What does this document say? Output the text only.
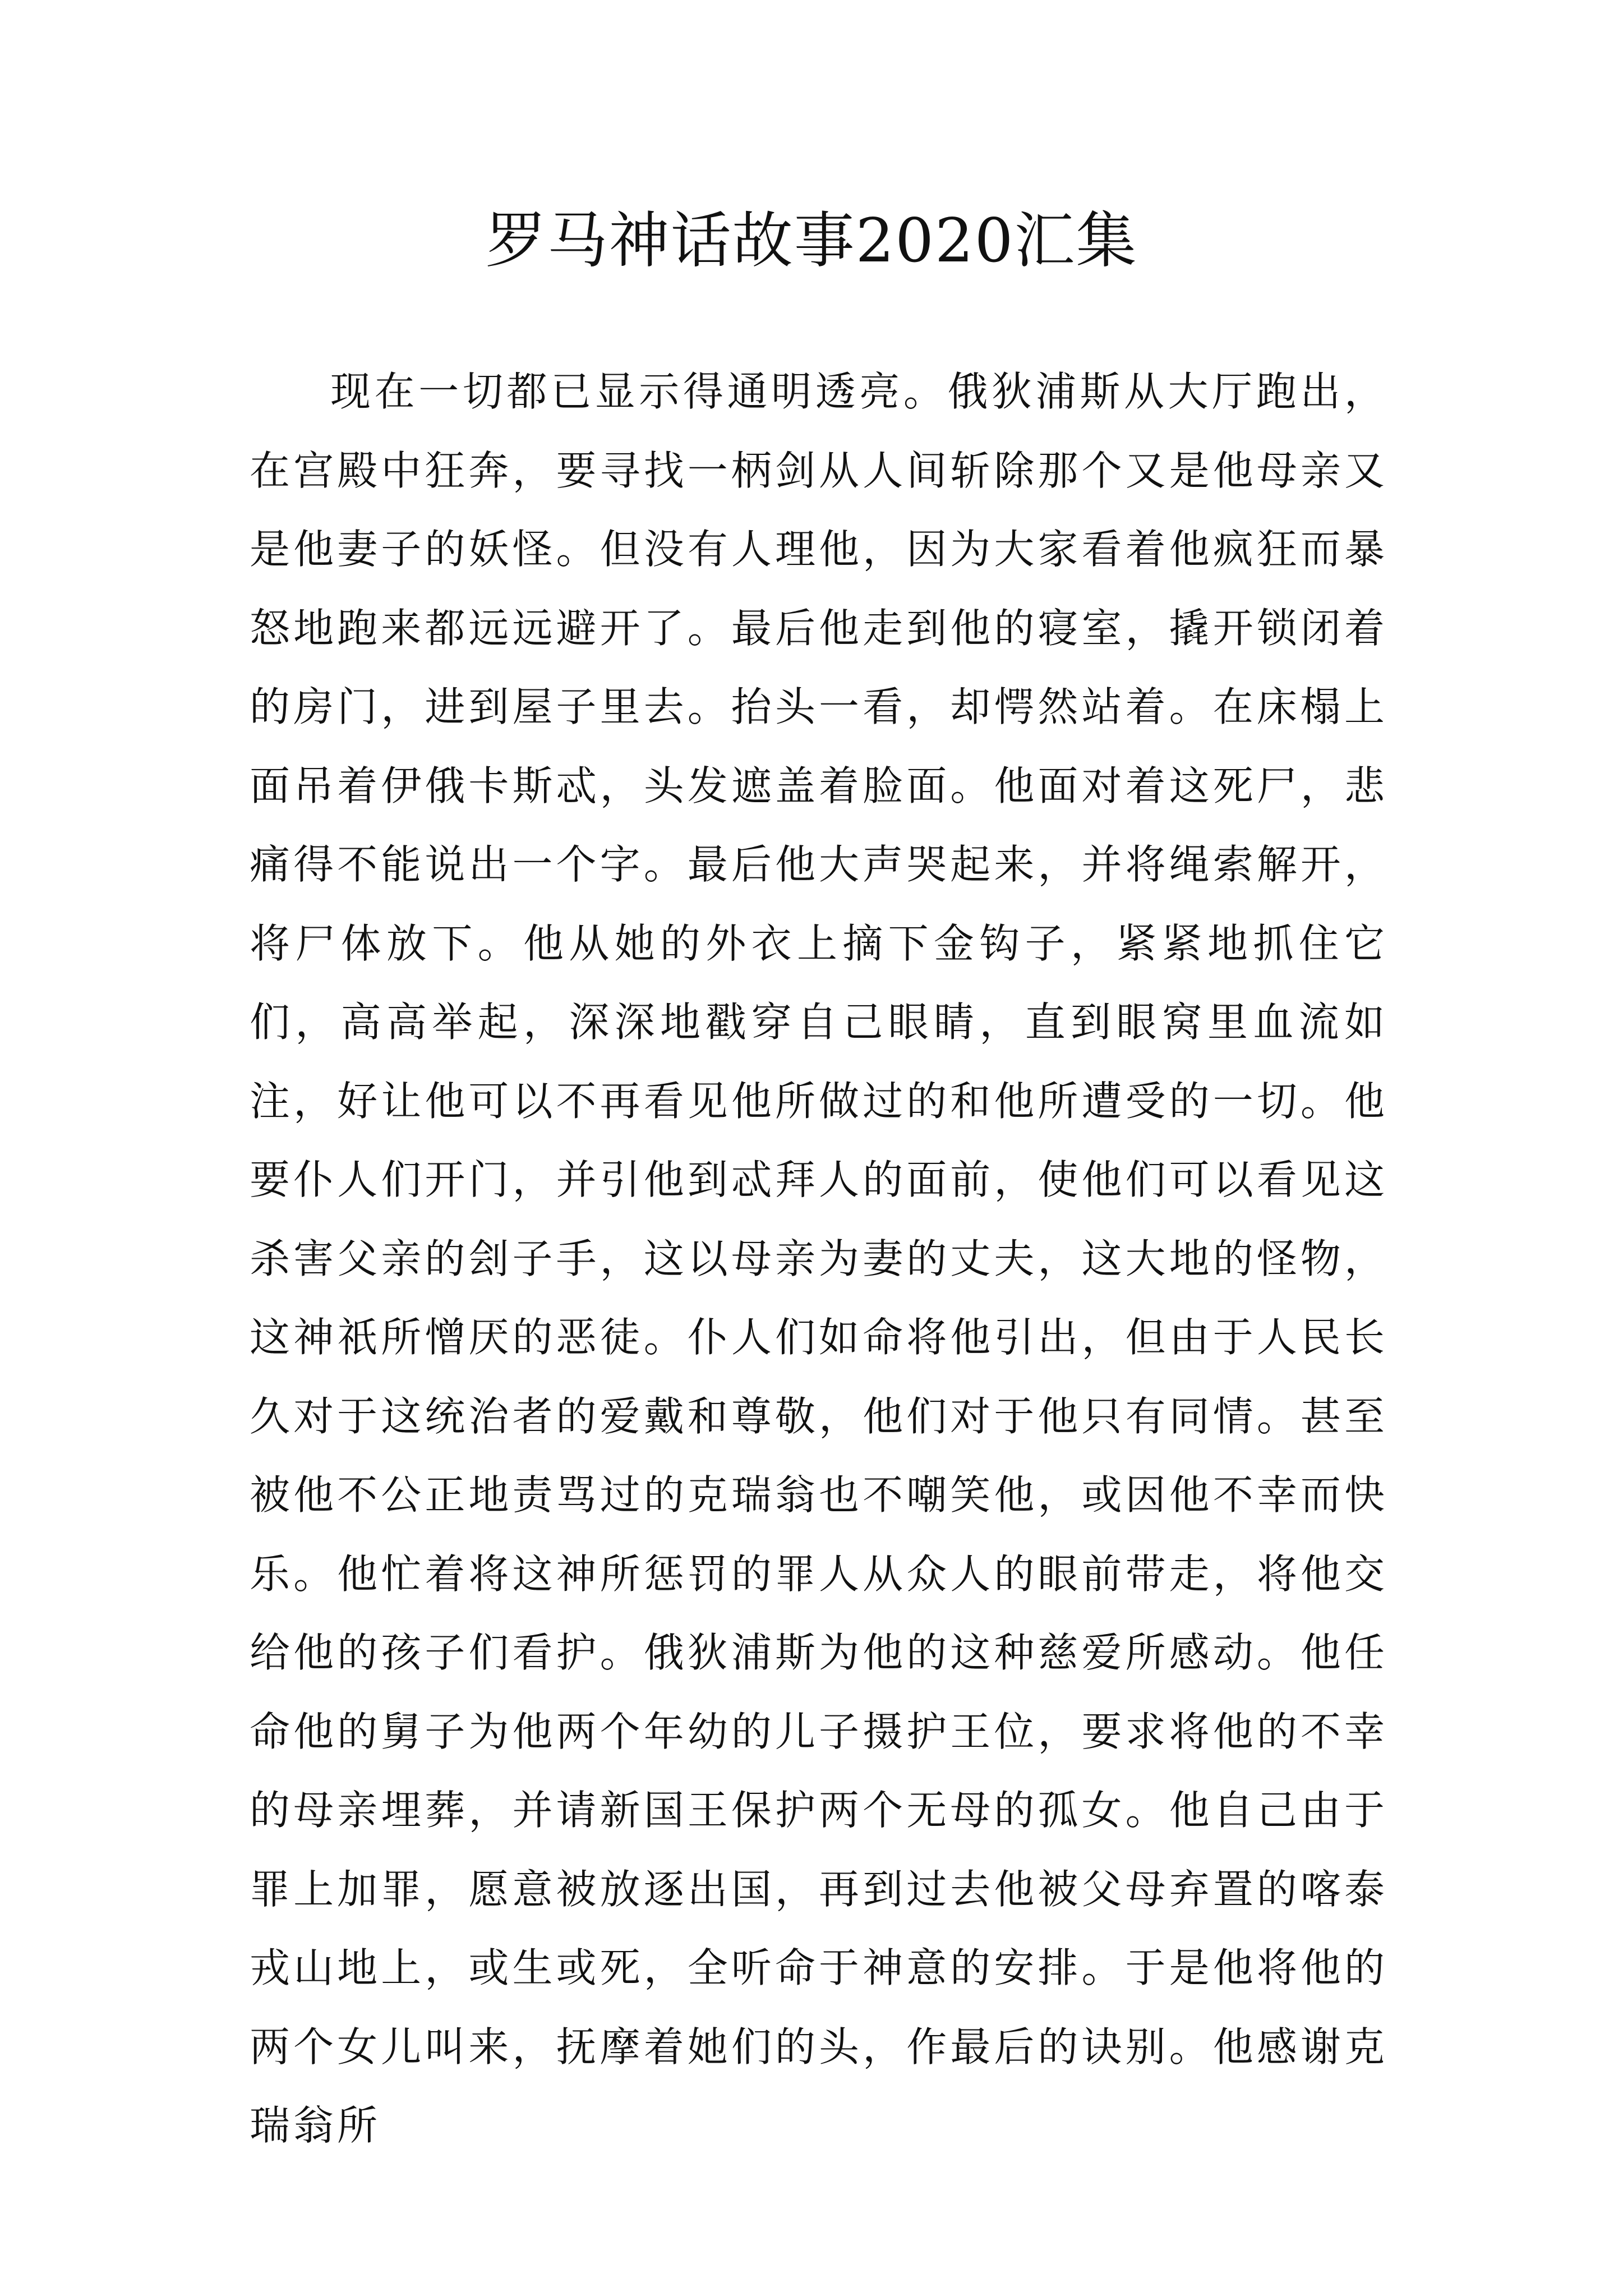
罗马神话故事2020汇集

现在一切都已显示得通明透亮。俄狄浦斯从大厅跑出，在宫殿中狂奔，要寻找一柄剑从人间斩除那个又是他母亲又是他妻子的妖怪。但没有人理他，因为大家看着他疯狂而暴怒地跑来都远远避开了。最后他走到他的寝室，撬开锁闭着的房门，进到屋子里去。抬头一看，却愕然站着。在床榻上面吊着伊俄卡斯忒，头发遮盖着脸面。他面对着这死尸，悲痛得不能说出一个字。最后他大声哭起来，并将绳索解开，将尸体放下。他从她的外衣上摘下金钩子，紧紧地抓住它们，高高举起，深深地戳穿自己眼睛，直到眼窝里血流如注，好让他可以不再看见他所做过的和他所遭受的一切。他要仆人们开门，并引他到忒拜人的面前，使他们可以看见这杀害父亲的刽子手，这以母亲为妻的丈夫，这大地的怪物，这神祇所憎厌的恶徒。仆人们如命将他引出，但由于人民长久对于这统治者的爱戴和尊敬，他们对于他只有同情。甚至被他不公正地责骂过的克瑞翁也不嘲笑他，或因他不幸而快乐。他忙着将这神所惩罚的罪人从众人的眼前带走，将他交给他的孩子们看护。俄狄浦斯为他的这种慈爱所感动。他任命他的舅子为他两个年幼的儿子摄护王位，要求将他的不幸的母亲埋葬，并请新国王保护两个无母的孤女。他自己由于罪上加罪，愿意被放逐出国，再到过去他被父母弃置的喀泰戎山地上，或生或死，全听命于神意的安排。于是他将他的两个女儿叫来，抚摩着她们的头，作最后的诀别。他感谢克瑞翁所
